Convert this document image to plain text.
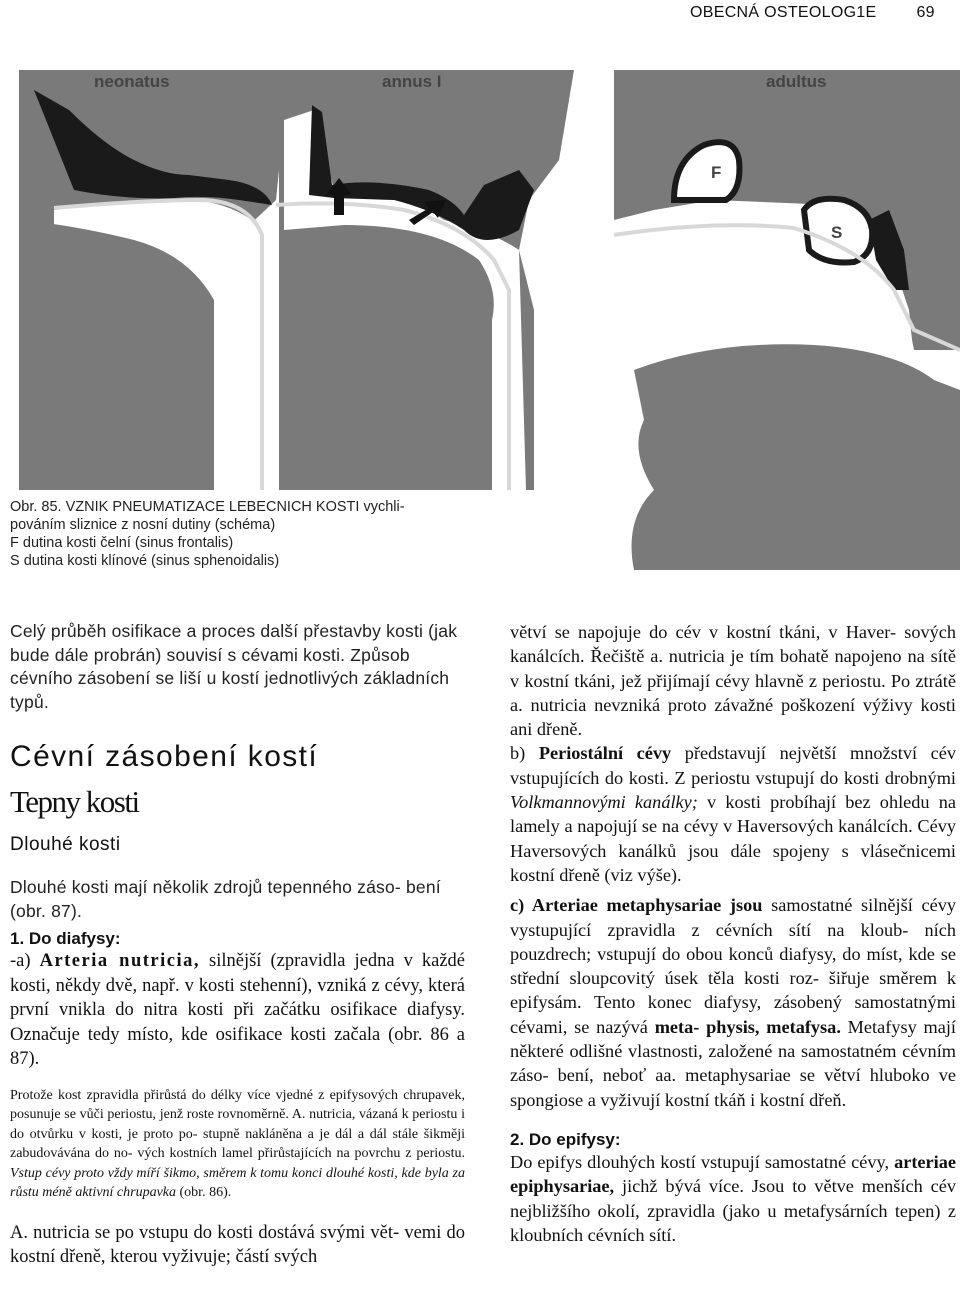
OBECNÁ OSTEOLOG1E	69
F
S
neonatus	annus I	adultus
Obr. 85. VZNIK PNEUMATIZACE LEBECNICH KOSTI vychli-
pováním sliznice z nosní dutiny (schéma)
F dutina kosti čelní (sinus frontalis)
S dutina kosti klínové (sinus sphenoidalis)
Celý průběh osifikace a proces další přestavby kosti (jak bude dále probrán) souvisí s cévami kosti. Způsob cévního zásobení se liší u kostí jednotlivých základních typů.
Cévní zásobení kostí
Tepny kosti
Dlouhé kosti
Dlouhé kosti mají několik zdrojů tepenného záso- bení (obr. 87).
1. Do diafysy:
-a) Arteria nutricia, silnější (zpravidla jedna v každé kosti, někdy dvě, např. v kosti stehenní), vzniká z cévy, která první vnikla do nitra kosti při začátku osifikace diafysy. Označuje tedy místo, kde osifikace kosti začala (obr. 86 a 87).
Protože kost zpravidla přirůstá do délky více vjedné z epifysových chrupavek, posunuje se vůči periostu, jenž roste rovnoměrně. A. nutricia, vázaná k periostu i do otvůrku v kosti, je proto po- stupně nakláněna a je dál a dál stále šikměji zabudovávána do no- vých kostních lamel přirůstajících na povrchu z periostu. Vstup cévy proto vždy míří šikmo, směrem k tomu konci dlouhé kosti, kde byla za růstu méně aktivní chrupavka (obr. 86).
A. nutricia se po vstupu do kosti dostává svými vět- vemi do kostní dřeně, kterou vyživuje; částí svých
větví se napojuje do cév v kostní tkáni, v Haver- sových kanálcích. Řečiště a. nutricia je tím bohatě napojeno na sítě v kostní tkáni, jež přijímají cévy hlavně z periostu. Po ztrátě a. nutricia nevzniká proto závažné poškození výživy kosti ani dřeně.
b) Periostální cévy představují největší množství cév vstupujících do kosti. Z periostu vstupují do kosti drobnými Volkmannovými kanálky; v kosti probíhají bez ohledu na lamely a napojují se na cévy v Haversových kanálcích. Cévy Haversových kanálků jsou dále spojeny s vlásečnicemi kostní dřeně (viz výše).
c) Arteriae metaphysariae jsou samostatné silnější cévy vystupující zpravidla z cévních sítí na kloub- ních pouzdrech; vstupují do obou konců diafysy, do míst, kde se střední sloupcovitý úsek těla kosti roz- šiřuje směrem k epifysám. Tento konec diafysy, zásobený samostatnými cévami, se nazývá meta- physis, metafysa. Metafysy mají některé odlišné vlastnosti, založené na samostatném cévním záso- bení, neboť aa. metaphysariae se větví hluboko ve spongiose a vyživují kostní tkáň i kostní dřeň.
2. Do epifysy:
Do epifys dlouhých kostí vstupují samostatné cévy, arteriae epiphysariae, jichž bývá více. Jsou to větve menších cév nejbližšího okolí, zpravidla (jako u metafysárních tepen) z kloubních cévních sítí.
